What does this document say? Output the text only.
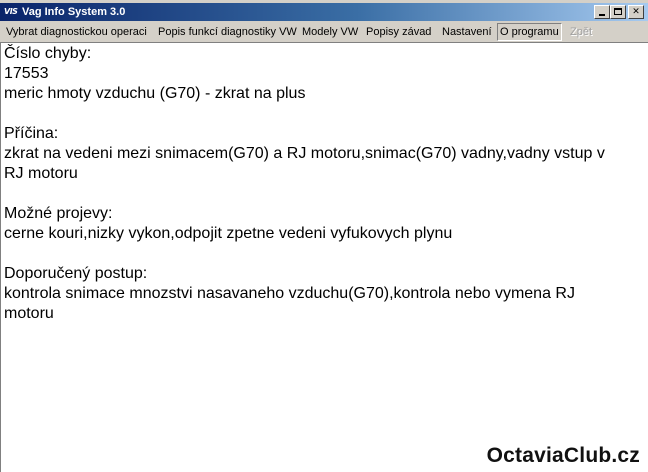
VIS Vag Info System 3.0	✕
Vybrat diagnostickou operaci Popis funkcí diagnostiky VW Modely VW Popisy závad Nastavení O programu Zpět
Číslo chyby:
17553
meric hmoty vzduchu (G70) - zkrat na plus
Příčina:
zkrat na vedeni mezi snimacem(G70) a RJ motoru,snimac(G70) vadny,vadny vstup v
RJ motoru
Možné projevy:
cerne kouri,nizky vykon,odpojit zpetne vedeni vyfukovych plynu
Doporučený postup:
kontrola snimace mnozstvi nasavaneho vzduchu(G70),kontrola nebo vymena RJ
motoru
OctaviaClub.cz
